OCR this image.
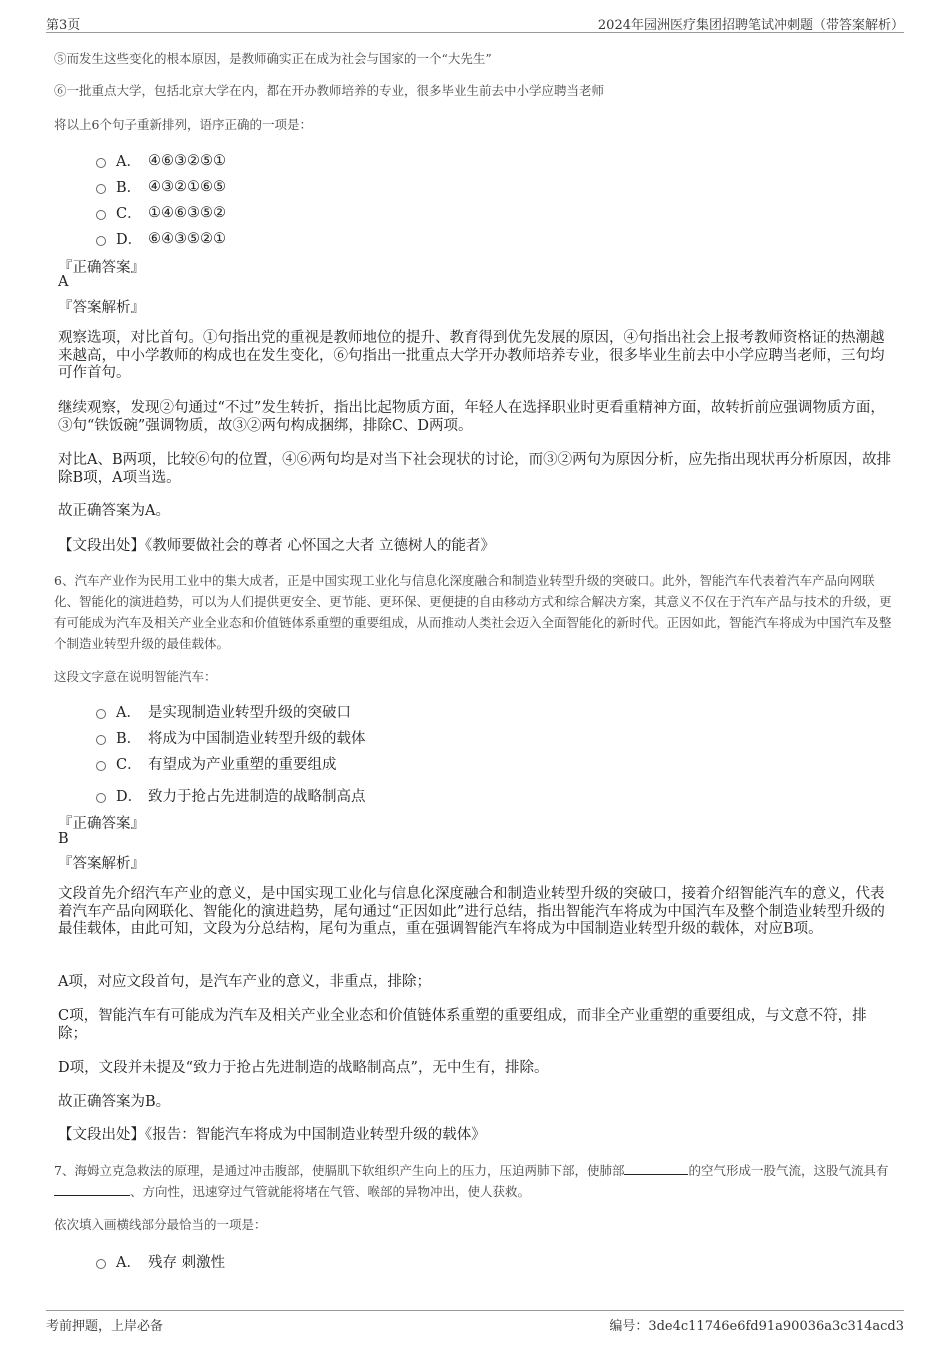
第3页	2024年园洲医疗集团招聘笔试冲刺题（带答案解析）
⑤而发生这些变化的根本原因，是教师确实正在成为社会与国家的一个“大先生”
⑥一批重点大学，包括北京大学在内，都在开办教师培养的专业，很多毕业生前去中小学应聘当老师
将以上6个句子重新排列，语序正确的一项是：
A． ④⑥③②⑤①
B． ④③②①⑥⑤
C． ①④⑥③⑤②
D． ⑥④③⑤②①
『正确答案』
A
『答案解析』
观察选项，对比首句。①句指出党的重视是教师地位的提升、教育得到优先发展的原因，④句指出社会上报考教师资格证的热潮越来越高，中小学教师的构成也在发生变化，⑥句指出一批重点大学开办教师培养专业，很多毕业生前去中小学应聘当老师，三句均可作首句。
继续观察，发现②句通过“不过”发生转折，指出比起物质方面，年轻人在选择职业时更看重精神方面，故转折前应强调物质方面，③句“铁饭碗”强调物质，故③②两句构成捆绑，排除C、D两项。
对比A、B两项，比较⑥句的位置，④⑥两句均是对当下社会现状的讨论，而③②两句为原因分析，应先指出现状再分析原因，故排除B项，A项当选。
故正确答案为A。
【文段出处】《教师要做社会的尊者 心怀国之大者 立德树人的能者》
6、汽车产业作为民用工业中的集大成者，正是中国实现工业化与信息化深度融合和制造业转型升级的突破口。此外，智能汽车代表着汽车产品向网联化、智能化的演进趋势，可以为人们提供更安全、更节能、更环保、更便捷的自由移动方式和综合解决方案，其意义不仅在于汽车产品与技术的升级，更有可能成为汽车及相关产业全业态和价值链体系重塑的重要组成，从而推动人类社会迈入全面智能化的新时代。正因如此，智能汽车将成为中国汽车及整个制造业转型升级的最佳载体。
这段文字意在说明智能汽车：
A． 是实现制造业转型升级的突破口
B． 将成为中国制造业转型升级的载体
C． 有望成为产业重塑的重要组成
D． 致力于抢占先进制造的战略制高点
『正确答案』
B
『答案解析』
文段首先介绍汽车产业的意义，是中国实现工业化与信息化深度融合和制造业转型升级的突破口，接着介绍智能汽车的意义，代表着汽车产品向网联化、智能化的演进趋势，尾句通过“正因如此”进行总结，指出智能汽车将成为中国汽车及整个制造业转型升级的最佳载体，由此可知，文段为分总结构，尾句为重点，重在强调智能汽车将成为中国制造业转型升级的载体，对应B项。
A项，对应文段首句，是汽车产业的意义，非重点，排除；
C项，智能汽车有可能成为汽车及相关产业全业态和价值链体系重塑的重要组成，而非全产业重塑的重要组成，与文意不符，排除；
D项，文段并未提及“致力于抢占先进制造的战略制高点”，无中生有，排除。
故正确答案为B。
【文段出处】《报告：智能汽车将成为中国制造业转型升级的载体》
7、海姆立克急救法的原理，是通过冲击腹部，使膈肌下软组织产生向上的压力，压迫两肺下部，使肺部	的空气形成一股气流，这股气流具有
、方向性，迅速穿过气管就能将堵在气管、喉部的异物冲出，使人获救。
依次填入画横线部分最恰当的一项是：
A． 残存 刺激性
考前押题，上岸必备	编号：3de4c11746e6fd91a90036a3c314acd3
